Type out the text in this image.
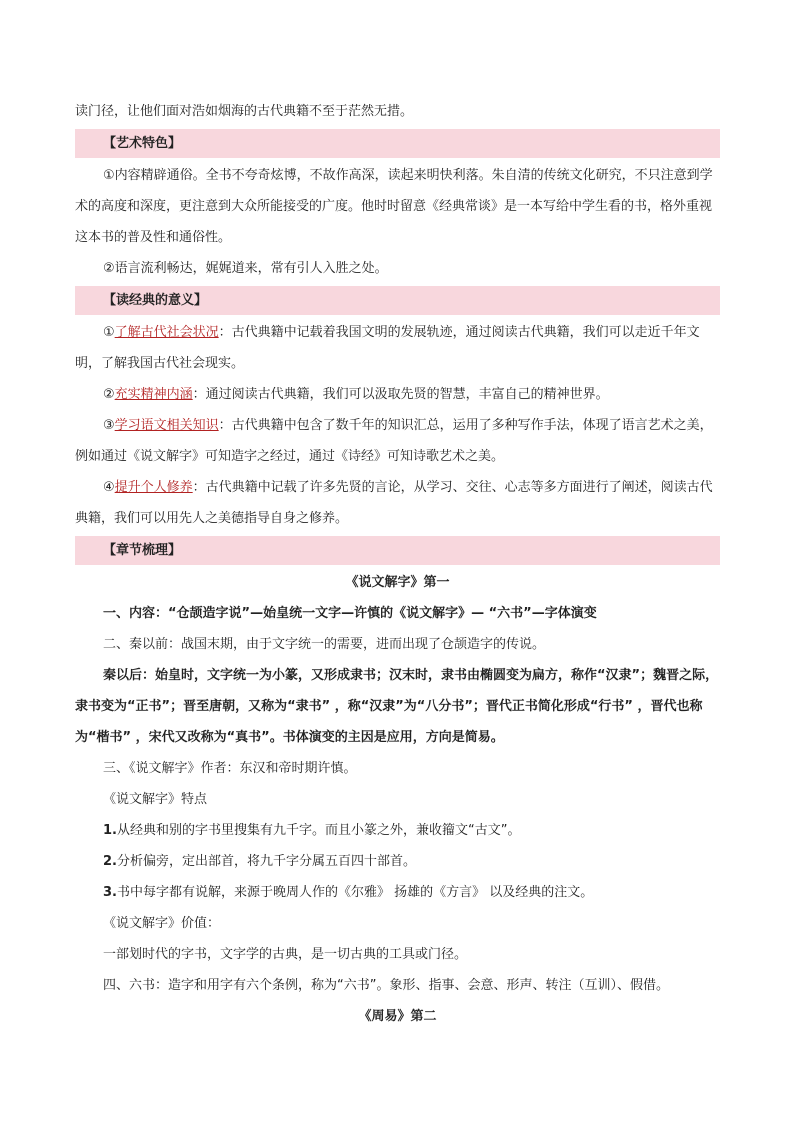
读门径，让他们面对浩如烟海的古代典籍不至于茫然无措。

【艺术特色】

①内容精辟通俗。全书不夸奇炫博，不故作高深，读起来明快利落。朱自清的传统文化研究，不只注意到学术的高度和深度，更注意到大众所能接受的广度。他时时留意《经典常谈》是一本写给中学生看的书，格外重视这本书的普及性和通俗性。

②语言流利畅达，娓娓道来，常有引人入胜之处。

【读经典的意义】

①了解古代社会状况：古代典籍中记载着我国文明的发展轨迹，通过阅读古代典籍，我们可以走近千年文明，了解我国古代社会现实。

②充实精神内涵：通过阅读古代典籍，我们可以汲取先贤的智慧，丰富自己的精神世界。

③学习语文相关知识：古代典籍中包含了数千年的知识汇总，运用了多种写作手法，体现了语言艺术之美，例如通过《说文解字》可知造字之经过，通过《诗经》可知诗歌艺术之美。

④提升个人修养：古代典籍中记载了许多先贤的言论，从学习、交往、心志等多方面进行了阐述，阅读古代典籍，我们可以用先人之美德指导自身之修养。

【章节梳理】

《说文解字》第一

一、内容：“仓颉造字说”—始皇统一文字—许慎的《说文解字》— “六书”—字体演变

二、秦以前：战国末期，由于文字统一的需要，进而出现了仓颉造字的传说。

秦以后：始皇时，文字统一为小篆，又形成隶书；汉末时，隶书由椭圆变为扁方，称作“汉隶”；魏晋之际， 隶书变为“正书”；晋至唐朝，又称为“隶书” ，称“汉隶”为“八分书”；晋代正书简化形成“行书” ，晋代也称为“楷书” ，宋代又改称为“真书”。书体演变的主因是应用，方向是简易。

三、《说文解字》作者：东汉和帝时期许慎。

《说文解字》特点

1.从经典和别的字书里搜集有九千字。而且小篆之外，兼收籀文“古文”。

2.分析偏旁，定出部首，将九千字分属五百四十部首。

3.书中每字都有说解，来源于晚周人作的《尔雅》 扬雄的《方言》 以及经典的注文。

《说文解字》价值：

一部划时代的字书，文字学的古典，是一切古典的工具或门径。

四、六书：造字和用字有六个条例，称为“六书”。象形、指事、会意、形声、转注（互训）、假借。

《周易》第二
